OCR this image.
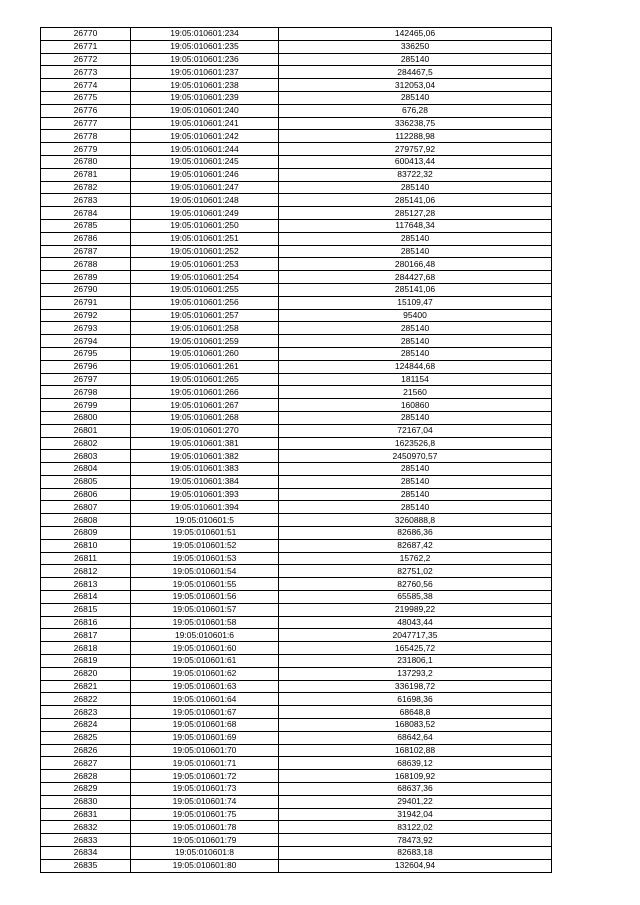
26770	19:05:010601:234	142465,06
26771	19:05:010601:235	336250
26772	19:05:010601:236	285140
26773	19:05:010601:237	284467,5
26774	19:05:010601:238	312053,04
26775	19:05:010601:239	285140
26776	19:05:010601:240	676,28
26777	19:05:010601:241	336238,75
26778	19:05:010601:242	112288,98
26779	19:05:010601:244	279757,92
26780	19:05:010601:245	600413,44
26781	19:05:010601:246	83722,32
26782	19:05:010601:247	285140
26783	19:05:010601:248	285141,06
26784	19:05:010601:249	285127,28
26785	19:05:010601:250	117648,34
26786	19:05:010601:251	285140
26787	19:05:010601:252	285140
26788	19:05:010601:253	280166,48
26789	19:05:010601:254	284427,68
26790	19:05:010601:255	285141,06
26791	19:05:010601:256	15109,47
26792	19:05:010601:257	95400
26793	19:05:010601:258	285140
26794	19:05:010601:259	285140
26795	19:05:010601:260	285140
26796	19:05:010601:261	124844,68
26797	19:05:010601:265	181154
26798	19:05:010601:266	21560
26799	19:05:010601:267	160860
26800	19:05:010601:268	285140
26801	19:05:010601:270	72167,04
26802	19:05:010601:381	1623526,8
26803	19:05:010601:382	2450970,57
26804	19:05:010601:383	285140
26805	19:05:010601:384	285140
26806	19:05:010601:393	285140
26807	19:05:010601:394	285140
26808	19:05:010601:5	3260888,8
26809	19:05:010601:51	82686,36
26810	19:05:010601:52	82687,42
26811	19:05:010601:53	15762,2
26812	19:05:010601:54	82751,02
26813	19:05:010601:55	82760,56
26814	19:05:010601:56	65585,38
26815	19:05:010601:57	219989,22
26816	19:05:010601:58	48043,44
26817	19:05:010601:6	2047717,35
26818	19:05:010601:60	165425,72
26819	19:05:010601:61	231806,1
26820	19:05:010601:62	137293,2
26821	19:05:010601:63	336198,72
26822	19:05:010601:64	61698,36
26823	19:05:010601:67	68648,8
26824	19:05:010601:68	168083,52
26825	19:05:010601:69	68642,64
26826	19:05:010601:70	168102,88
26827	19:05:010601:71	68639,12
26828	19:05:010601:72	168109,92
26829	19:05:010601:73	68637,36
26830	19:05:010601:74	29401,22
26831	19:05:010601:75	31942,04
26832	19:05:010601:78	83122,02
26833	19:05:010601:79	78473,92
26834	19:05:010601:8	82683,18
26835	19:05:010601:80	132604,94
